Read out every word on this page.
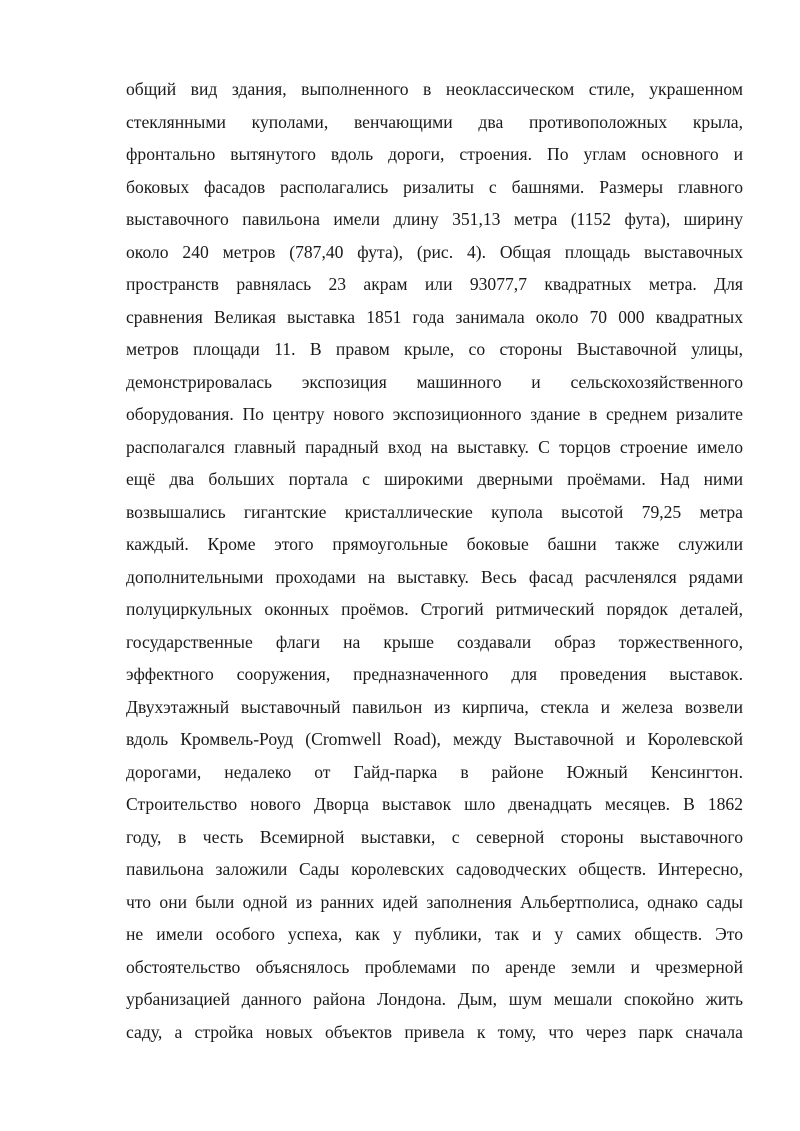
общий вид здания, выполненного в неоклассическом стиле, украшенном
стеклянными куполами, венчающими два противоположных крыла,
фронтально вытянутого вдоль дороги, строения. По углам основного и
боковых фасадов располагались ризалиты с башнями. Размеры главного
выставочного павильона имели длину 351,13 метра (1152 фута), ширину
около 240 метров (787,40 фута), (рис. 4). Общая площадь выставочных
пространств равнялась 23 акрам или 93077,7 квадратных метра. Для
сравнения Великая выставка 1851 года занимала около 70 000 квадратных
метров площади 11. В правом крыле, со стороны Выставочной улицы,
демонстрировалась экспозиция машинного и сельскохозяйственного
оборудования. По центру нового экспозиционного здание в среднем ризалите
располагался главный парадный вход на выставку. С торцов строение имело
ещё два больших портала с широкими дверными проёмами. Над ними
возвышались гигантские кристаллические купола высотой 79,25 метра
каждый. Кроме этого прямоугольные боковые башни также служили
дополнительными проходами на выставку. Весь фасад расчленялся рядами
полуциркульных оконных проёмов. Строгий ритмический порядок деталей,
государственные флаги на крыше создавали образ торжественного,
эффектного сооружения, предназначенного для проведения выставок.
Двухэтажный выставочный павильон из кирпича, стекла и железа возвели
вдоль Кромвель-Роуд (Cromwell Road), между Выставочной и Королевской
дорогами, недалеко от Гайд-парка в районе Южный Кенсингтон.
Строительство нового Дворца выставок шло двенадцать месяцев. В 1862
году, в честь Всемирной выставки, с северной стороны выставочного
павильона заложили Сады королевских садоводческих обществ. Интересно,
что они были одной из ранних идей заполнения Альбертполиса, однако сады
не имели особого успеха, как у публики, так и у самих обществ. Это
обстоятельство объяснялось проблемами по аренде земли и чрезмерной
урбанизацией данного района Лондона. Дым, шум мешали спокойно жить
саду, а стройка новых объектов привела к тому, что через парк сначала
